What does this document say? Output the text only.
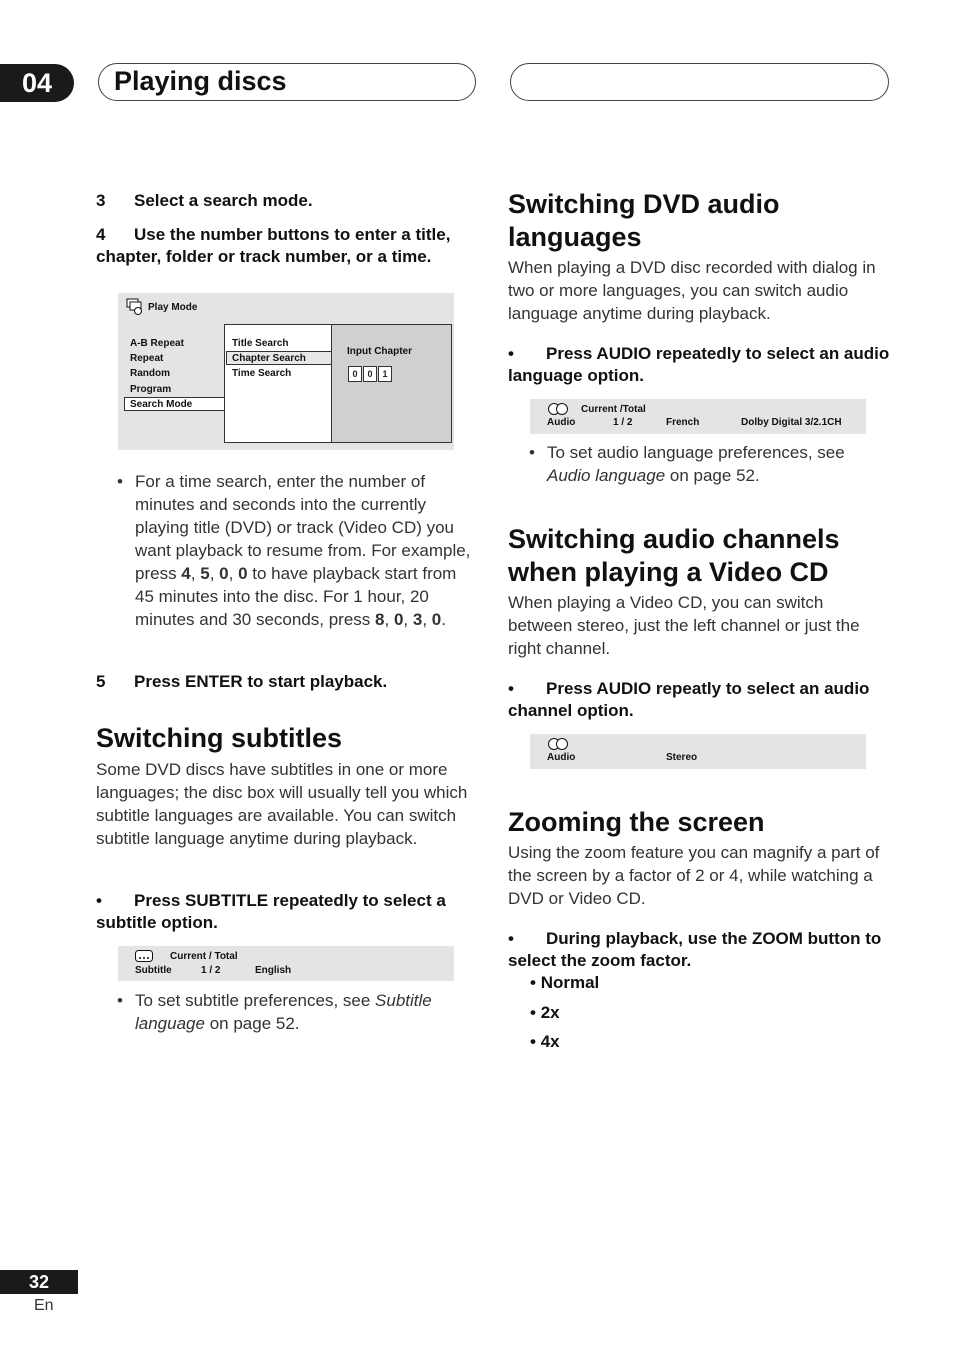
04	Playing discs
3 Select a search mode.
4 Use the number buttons to enter a title, chapter, folder or track number, or a time.
Play Mode
A-B Repeat
Repeat
Random
Program
Search Mode
Title Search
Chapter Search
Time Search
Input Chapter
0	0	1
• For a time search, enter the number of minutes and seconds into the currently playing title (DVD) or track (Video CD) you want playback to resume from. For example, press 4, 5, 0, 0 to have playback start from 45 minutes into the disc. For 1 hour, 20 minutes and 30 seconds, press 8, 0, 3, 0.
5 Press ENTER to start playback.
Switching subtitles
Some DVD discs have subtitles in one or more languages; the disc box will usually tell you which subtitle languages are available. You can switch subtitle language anytime during playback.
• Press SUBTITLE repeatedly to select a subtitle option.
Current / Total
Subtitle	1 / 2	English
• To set subtitle preferences, see Subtitle language on page 52.
Switching DVD audio languages
When playing a DVD disc recorded with dialog in two or more languages, you can switch audio language anytime during playback.
• Press AUDIO repeatedly to select an audio language option.
Current /Total
Audio	1 / 2	French	Dolby Digital 3/2.1CH
• To set audio language preferences, see Audio language on page 52.
Switching audio channels when playing a Video CD
When playing a Video CD, you can switch between stereo, just the left channel or just the right channel.
• Press AUDIO repeatly to select an audio channel option.
Audio	Stereo
Zooming the screen
Using the zoom feature you can magnify a part of the screen by a factor of 2 or 4, while watching a DVD or Video CD.
• During playback, use the ZOOM button to select the zoom factor.
• Normal
• 2x
• 4x
32
En
